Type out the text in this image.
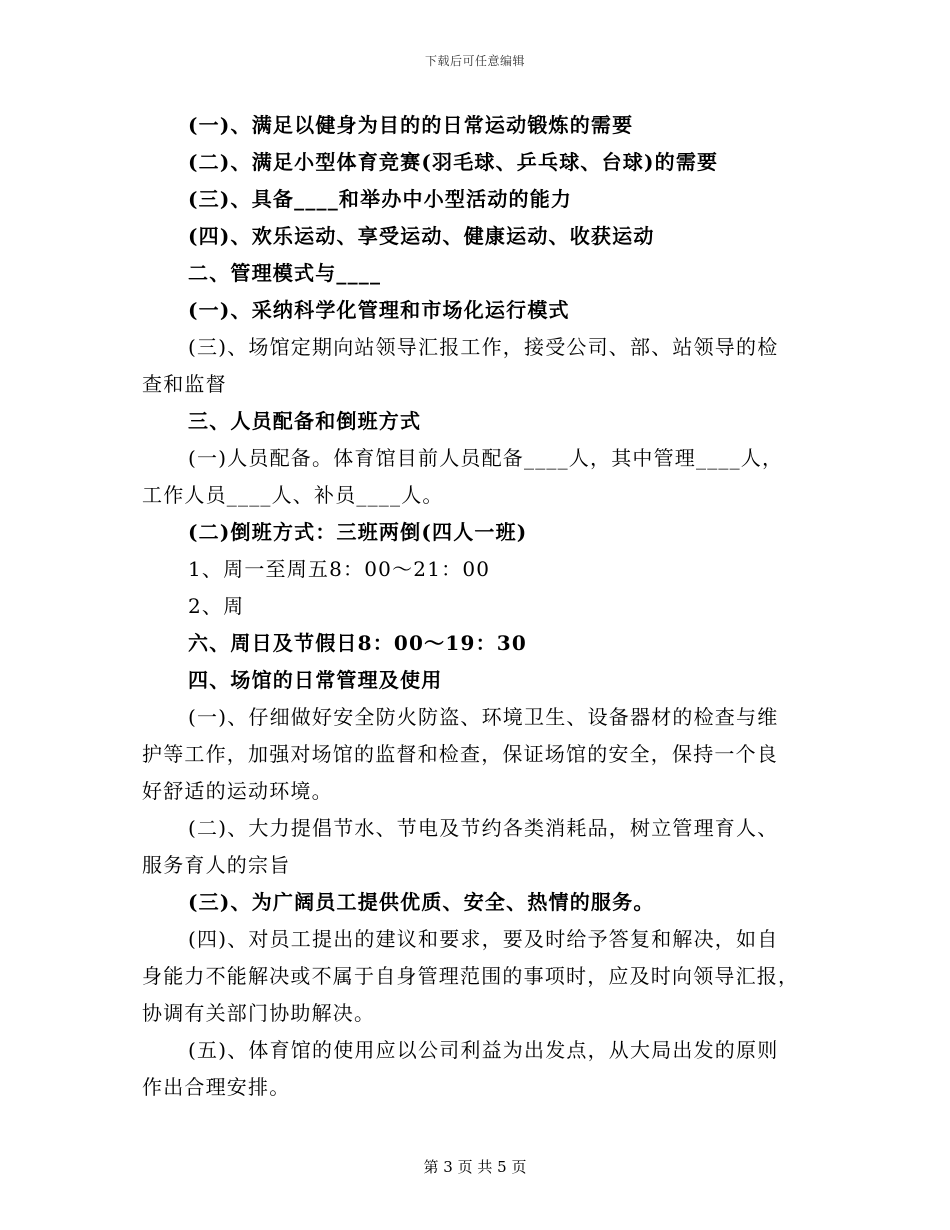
下载后可任意编辑
(一)、满足以健身为目的的日常运动锻炼的需要
(二)、满足小型体育竞赛(羽毛球、乒乓球、台球)的需要
(三)、具备____和举办中小型活动的能力
(四)、欢乐运动、享受运动、健康运动、收获运动
二、管理模式与____
(一)、采纳科学化管理和市场化运行模式
(三)、场馆定期向站领导汇报工作，接受公司、部、站领导的检
查和监督
三、人员配备和倒班方式
(一)人员配备。体育馆目前人员配备____人，其中管理____人，
工作人员____人、补员____人。
(二)倒班方式：三班两倒(四人一班)
1、周一至周五8：00～21：00
2、周
六、周日及节假日8：00～19：30
四、场馆的日常管理及使用
(一)、仔细做好安全防火防盗、环境卫生、设备器材的检查与维
护等工作，加强对场馆的监督和检查，保证场馆的安全，保持一个良
好舒适的运动环境。
(二)、大力提倡节水、节电及节约各类消耗品，树立管理育人、
服务育人的宗旨
(三)、为广阔员工提供优质、安全、热情的服务。
(四)、对员工提出的建议和要求，要及时给予答复和解决，如自
身能力不能解决或不属于自身管理范围的事项时，应及时向领导汇报，
协调有关部门协助解决。
(五)、体育馆的使用应以公司利益为出发点，从大局出发的原则
作出合理安排。
第 3 页 共 5 页
